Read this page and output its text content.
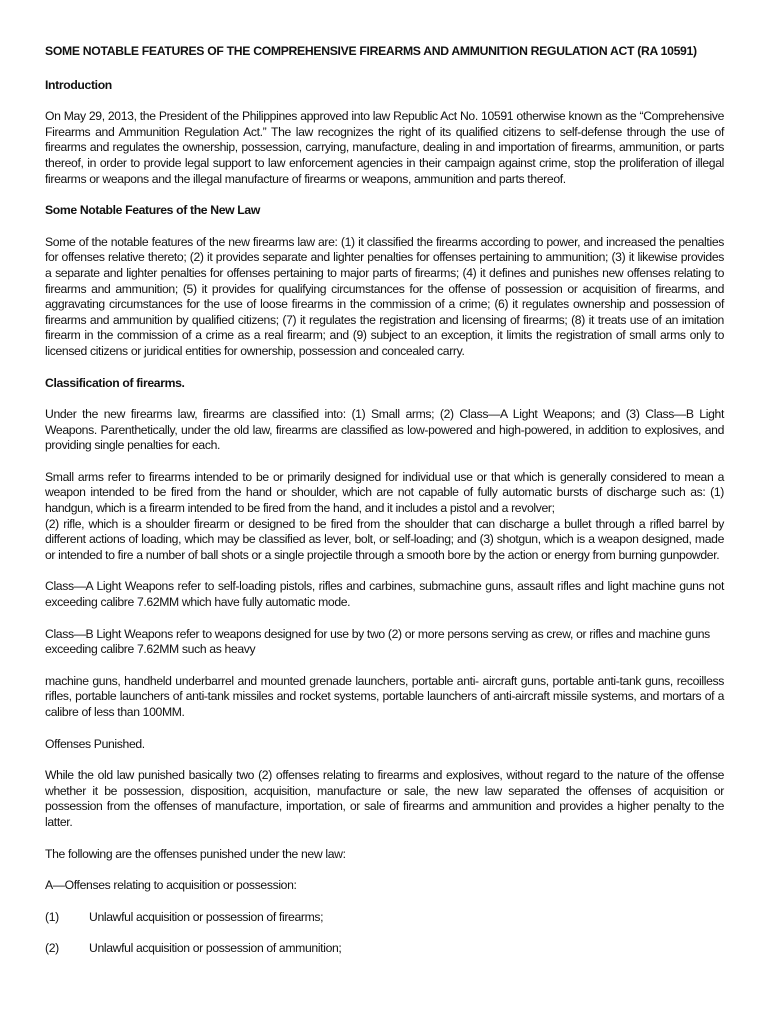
SOME NOTABLE FEATURES OF THE COMPREHENSIVE FIREARMS AND AMMUNITION REGULATION ACT (RA 10591)

Introduction

On May 29, 2013, the President of the Philippines approved into law Republic Act No. 10591 otherwise known as the “Comprehensive Firearms and Ammunition Regulation Act.” The law recognizes the right of its qualified citizens to self-defense through the use of firearms and regulates the ownership, possession, carrying, manufacture, dealing in and importation of firearms, ammunition, or parts thereof, in order to provide legal support to law enforcement agencies in their campaign against crime, stop the proliferation of illegal firearms or weapons and the illegal manufacture of firearms or weapons, ammunition and parts thereof.

Some Notable Features of the New Law

Some of the notable features of the new firearms law are: (1) it classified the firearms according to power, and increased the penalties for offenses relative thereto; (2) it provides separate and lighter penalties for offenses pertaining to ammunition; (3) it likewise provides a separate and lighter penalties for offenses pertaining to major parts of firearms; (4) it defines and punishes new offenses relating to firearms and ammunition; (5) it provides for qualifying circumstances for the offense of possession or acquisition of firearms, and aggravating circumstances for the use of loose firearms in the commission of a crime; (6) it regulates ownership and possession of firearms and ammunition by qualified citizens; (7) it regulates the registration and licensing of firearms; (8) it treats use of an imitation firearm in the commission of a crime as a real firearm; and (9) subject to an exception, it limits the registration of small arms only to licensed citizens or juridical entities for ownership, possession and concealed carry.

Classification of firearms.

Under the new firearms law, firearms are classified into: (1) Small arms; (2) Class—A Light Weapons; and (3) Class—B Light Weapons. Parenthetically, under the old law, firearms are classified as low-powered and high-powered, in addition to explosives, and providing single penalties for each.

Small arms refer to firearms intended to be or primarily designed for individual use or that which is generally considered to mean a weapon intended to be fired from the hand or shoulder, which are not capable of fully automatic bursts of discharge such as: (1) handgun, which is a firearm intended to be fired from the hand, and it includes a pistol and a revolver;

(2) rifle, which is a shoulder firearm or designed to be fired from the shoulder that can discharge a bullet through a rifled barrel by different actions of loading, which may be classified as lever, bolt, or self-loading; and (3) shotgun, which is a weapon designed, made or intended to fire a number of ball shots or a single projectile through a smooth bore by the action or energy from burning gunpowder.

Class—A Light Weapons refer to self-loading pistols, rifles and carbines, submachine guns, assault rifles and light machine guns not exceeding calibre 7.62MM which have fully automatic mode.

Class—B Light Weapons refer to weapons designed for use by two (2) or more persons serving as crew, or rifles and machine guns exceeding calibre 7.62MM such as heavy

machine guns, handheld underbarrel and mounted grenade launchers, portable anti- aircraft guns, portable anti-tank guns, recoilless rifles, portable launchers of anti-tank missiles and rocket systems, portable launchers of anti-aircraft missile systems, and mortars of a calibre of less than 100MM.

Offenses Punished.

While the old law punished basically two (2) offenses relating to firearms and explosives, without regard to the nature of the offense whether it be possession, disposition, acquisition, manufacture or sale, the new law separated the offenses of acquisition or possession from the offenses of manufacture, importation, or sale of firearms and ammunition and provides a higher penalty to the latter.

The following are the offenses punished under the new law:

A—Offenses relating to acquisition or possession:

(1)	Unlawful acquisition or possession of firearms;
(2)	Unlawful acquisition or possession of ammunition;
